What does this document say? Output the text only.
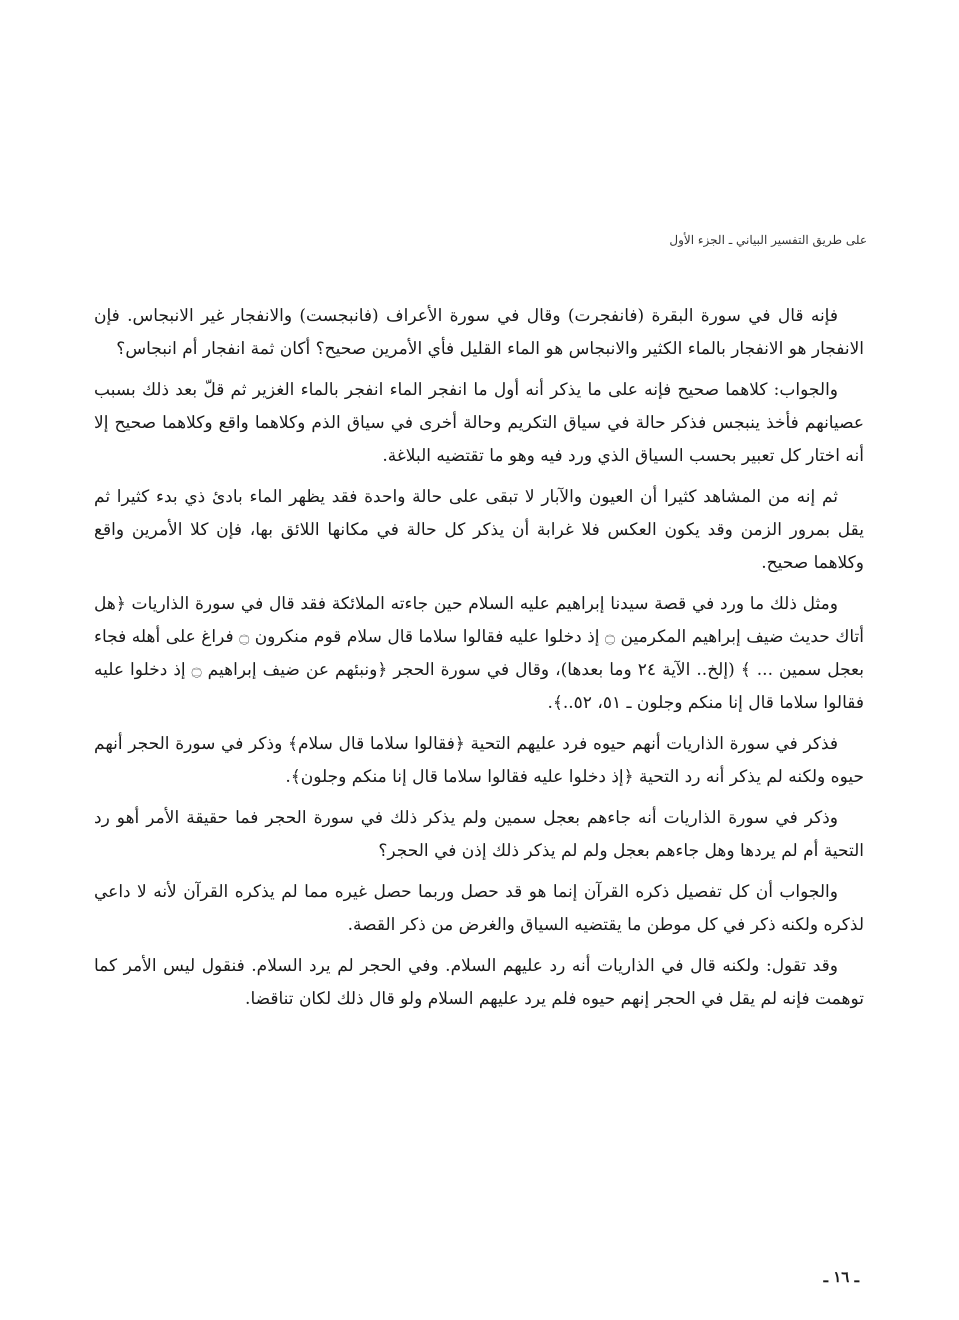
على طريق التفسير البياني ـ الجزء الأول

فإنه قال في سورة البقرة (فانفجرت) وقال في سورة الأعراف (فانبجست) والانفجار غير الانبجاس. فإن الانفجار هو الانفجار بالماء الكثير والانبجاس هو الماء القليل فأي الأمرين صحيح؟ أكان ثمة انفجار أم انبجاس؟

والجواب: كلاهما صحيح فإنه على ما يذكر أنه أول ما انفجر الماء انفجر بالماء الغزير ثم قلّ بعد ذلك بسبب عصيانهم فأخذ ينبجس فذكر حالة في سياق التكريم وحالة أخرى في سياق الذم وكلاهما واقع وكلاهما صحيح إلا أنه اختار كل تعبير بحسب السياق الذي ورد فيه وهو ما تقتضيه البلاغة.

ثم إنه من المشاهد كثيرا أن العيون والآبار لا تبقى على حالة واحدة فقد يظهر الماء بادئ ذي بدء كثيرا ثم يقل بمرور الزمن وقد يكون العكس فلا غرابة أن يذكر كل حالة في مكانها اللائق بها، فإن كلا الأمرين واقع وكلاهما صحيح.

ومثل ذلك ما ورد في قصة سيدنا إبراهيم عليه السلام حين جاءته الملائكة فقد قال في سورة الذاريات ﴿هل أتاك حديث ضيف إبراهيم المكرمين ۝ إذ دخلوا عليه فقالوا سلاما قال سلام قوم منكرون ۝ فراغ على أهله فجاء بعجل سمين ... ﴾ (إلخ.. الآية ٢٤ وما بعدها)، وقال في سورة الحجر ﴿ونبئهم عن ضيف إبراهيم ۝ إذ دخلوا عليه فقالوا سلاما قال إنا منكم وجلون ـ ٥١، ٥٢..﴾.

فذكر في سورة الذاريات أنهم حيوه فرد عليهم التحية ﴿فقالوا سلاما قال سلام﴾ وذكر في سورة الحجر أنهم حيوه ولكنه لم يذكر أنه رد التحية ﴿إذ دخلوا عليه فقالوا سلاما قال إنا منكم وجلون﴾.

وذكر في سورة الذاريات أنه جاءهم بعجل سمين ولم يذكر ذلك في سورة الحجر فما حقيقة الأمر أهو رد التحية أم لم يردها وهل جاءهم بعجل ولم لم يذكر ذلك إذن في الحجر؟

والجواب أن كل تفصيل ذكره القرآن إنما هو قد حصل وربما حصل غيره مما لم يذكره القرآن لأنه لا داعي لذكره ولكنه ذكر في كل موطن ما يقتضيه السياق والغرض من ذكر القصة.

وقد تقول: ولكنه قال في الذاريات أنه رد عليهم السلام. وفي الحجر لم يرد السلام. فنقول ليس الأمر كما توهمت فإنه لم يقل في الحجر إنهم حيوه فلم يرد عليهم السلام ولو قال ذلك لكان تناقضا.

ـ ١٦ ـ
